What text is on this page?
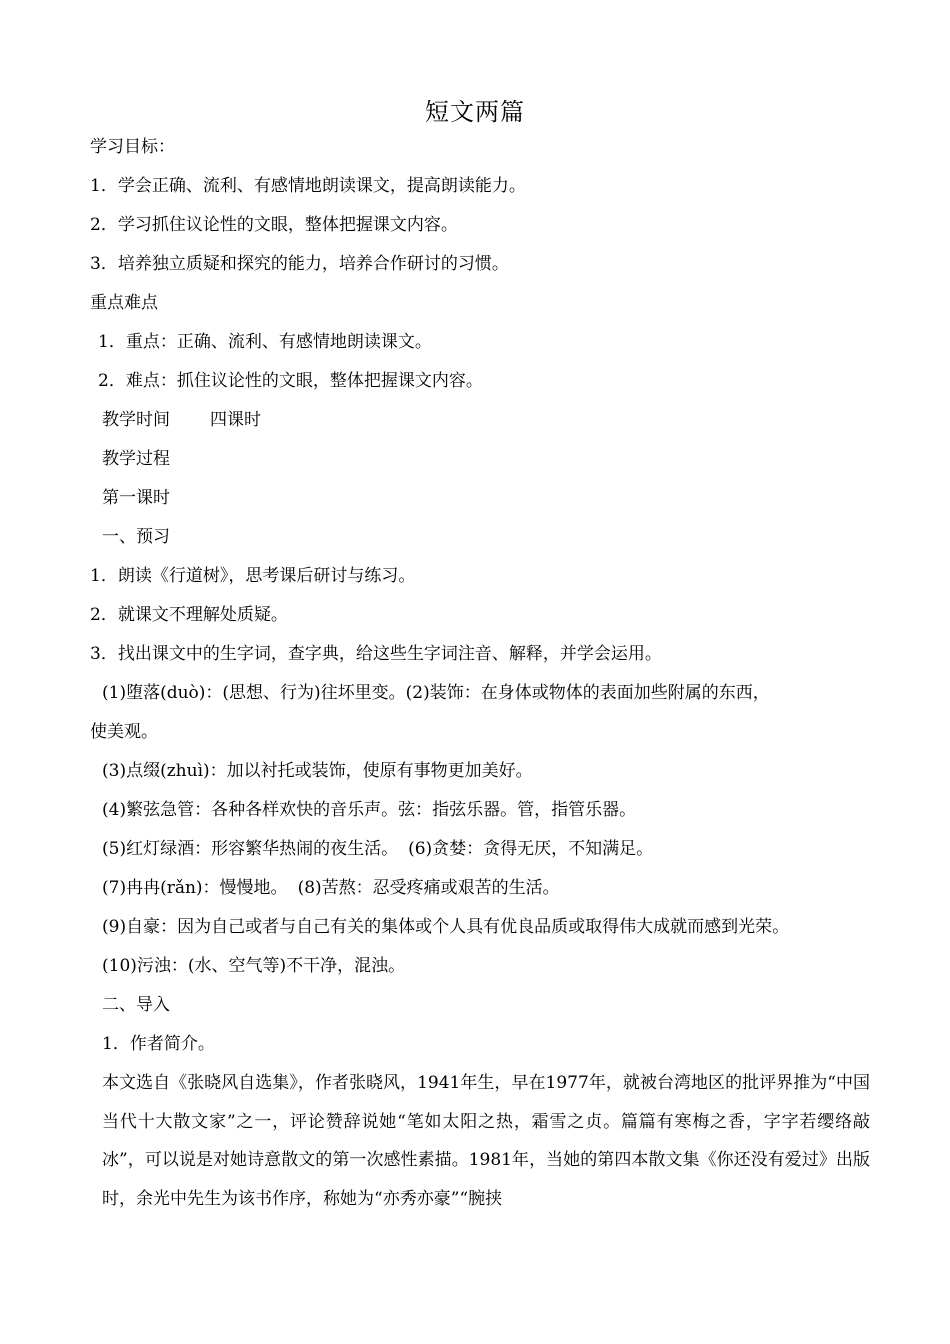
短文两篇
学习目标：
1．学会正确、流利、有感情地朗读课文，提高朗读能力。
2．学习抓住议论性的文眼，整体把握课文内容。
3．培养独立质疑和探究的能力，培养合作研讨的习惯。
重点难点
1．重点：正确、流利、有感情地朗读课文。
2．难点：抓住议论性的文眼，整体把握课文内容。
教学时间 四课时
教学过程
第一课时
一、预习
1．朗读《行道树》，思考课后研讨与练习。
2．就课文不理解处质疑。
3．找出课文中的生字词，查字典，给这些生字词注音、解释，并学会运用。
(1)堕落(duò)：(思想、行为)往坏里变。(2)装饰：在身体或物体的表面加些附属的东西，
使美观。
(3)点缀(zhuì)：加以衬托或装饰，使原有事物更加美好。
(4)繁弦急管：各种各样欢快的音乐声。弦：指弦乐器。管，指管乐器。
(5)红灯绿酒：形容繁华热闹的夜生活。 (6)贪婪：贪得无厌，不知满足。
(7)冉冉(rǎn)：慢慢地。 (8)苦熬：忍受疼痛或艰苦的生活。
(9)自豪：因为自己或者与自己有关的集体或个人具有优良品质或取得伟大成就而感到光荣。
(10)污浊：(水、空气等)不干净，混浊。
二、导入
1．作者简介。
本文选自《张晓风自选集》，作者张晓风，1941年生，早在1977年，就被台湾地区的批评界推为“中国当代十大散文家”之一，评论赞辞说她“笔如太阳之热，霜雪之贞。篇篇有寒梅之香，字字若缨络敲冰”，可以说是对她诗意散文的第一次感性素描。1981年，当她的第四本散文集《你还没有爱过》出版时，余光中先生为该书作序，称她为“亦秀亦豪”“腕挟
